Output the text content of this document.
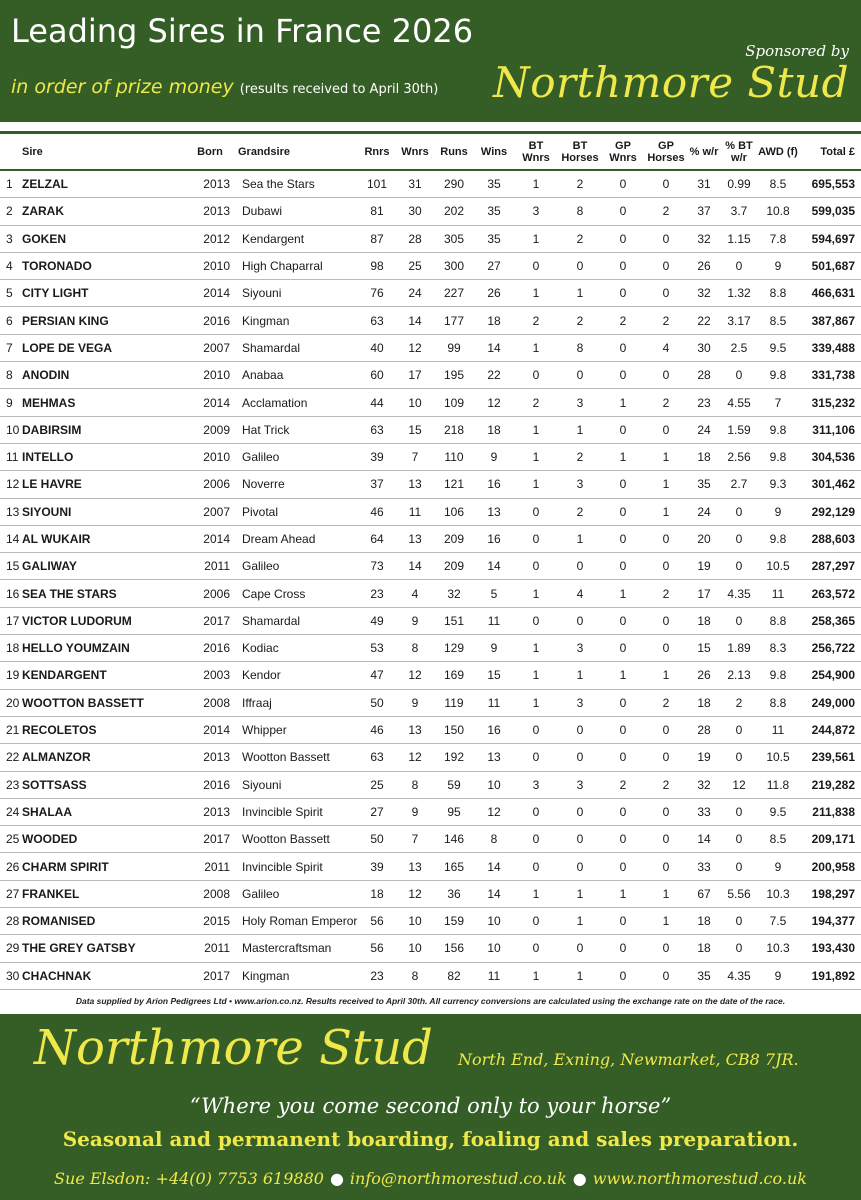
Leading Sires in France 2026
in order of prize money (results received to April 30th)
Sponsored by
Northmore Stud
	Sire	Born	Grandsire	Rnrs	Wnrs	Runs	Wins	BT Wnrs	BT Horses	GP Wnrs	GP Horses	% w/r	% BT w/r	AWD (f)	Total £
1	ZELZAL	2013	Sea the Stars	101	31	290	35	1	2	0	0	31	0.99	8.5	695,553
2	ZARAK	2013	Dubawi	81	30	202	35	3	8	0	2	37	3.7	10.8	599,035
3	GOKEN	2012	Kendargent	87	28	305	35	1	2	0	0	32	1.15	7.8	594,697
4	TORONADO	2010	High Chaparral	98	25	300	27	0	0	0	0	26	0	9	501,687
5	CITY LIGHT	2014	Siyouni	76	24	227	26	1	1	0	0	32	1.32	8.8	466,631
6	PERSIAN KING	2016	Kingman	63	14	177	18	2	2	2	2	22	3.17	8.5	387,867
7	LOPE DE VEGA	2007	Shamardal	40	12	99	14	1	8	0	4	30	2.5	9.5	339,488
8	ANODIN	2010	Anabaa	60	17	195	22	0	0	0	0	28	0	9.8	331,738
9	MEHMAS	2014	Acclamation	44	10	109	12	2	3	1	2	23	4.55	7	315,232
10	DABIRSIM	2009	Hat Trick	63	15	218	18	1	1	0	0	24	1.59	9.8	311,106
11	INTELLO	2010	Galileo	39	7	110	9	1	2	1	1	18	2.56	9.8	304,536
12	LE HAVRE	2006	Noverre	37	13	121	16	1	3	0	1	35	2.7	9.3	301,462
13	SIYOUNI	2007	Pivotal	46	11	106	13	0	2	0	1	24	0	9	292,129
14	AL WUKAIR	2014	Dream Ahead	64	13	209	16	0	1	0	0	20	0	9.8	288,603
15	GALIWAY	2011	Galileo	73	14	209	14	0	0	0	0	19	0	10.5	287,297
16	SEA THE STARS	2006	Cape Cross	23	4	32	5	1	4	1	2	17	4.35	11	263,572
17	VICTOR LUDORUM	2017	Shamardal	49	9	151	11	0	0	0	0	18	0	8.8	258,365
18	HELLO YOUMZAIN	2016	Kodiac	53	8	129	9	1	3	0	0	15	1.89	8.3	256,722
19	KENDARGENT	2003	Kendor	47	12	169	15	1	1	1	1	26	2.13	9.8	254,900
20	WOOTTON BASSETT	2008	Iffraaj	50	9	119	11	1	3	0	2	18	2	8.8	249,000
21	RECOLETOS	2014	Whipper	46	13	150	16	0	0	0	0	28	0	11	244,872
22	ALMANZOR	2013	Wootton Bassett	63	12	192	13	0	0	0	0	19	0	10.5	239,561
23	SOTTSASS	2016	Siyouni	25	8	59	10	3	3	2	2	32	12	11.8	219,282
24	SHALAA	2013	Invincible Spirit	27	9	95	12	0	0	0	0	33	0	9.5	211,838
25	WOODED	2017	Wootton Bassett	50	7	146	8	0	0	0	0	14	0	8.5	209,171
26	CHARM SPIRIT	2011	Invincible Spirit	39	13	165	14	0	0	0	0	33	0	9	200,958
27	FRANKEL	2008	Galileo	18	12	36	14	1	1	1	1	67	5.56	10.3	198,297
28	ROMANISED	2015	Holy Roman Emperor	56	10	159	10	0	1	0	1	18	0	7.5	194,377
29	THE GREY GATSBY	2011	Mastercraftsman	56	10	156	10	0	0	0	0	18	0	10.3	193,430
30	CHACHNAK	2017	Kingman	23	8	82	11	1	1	0	0	35	4.35	9	191,892
Data supplied by Arion Pedigrees Ltd • www.arion.co.nz. Results received to April 30th. All currency conversions are calculated using the exchange rate on the date of the race.
Northmore Stud North End, Exning, Newmarket, CB8 7JR.
“Where you come second only to your horse”
Seasonal and permanent boarding, foaling and sales preparation.
Sue Elsdon: +44(0) 7753 619880 ● info@northmorestud.co.uk ● www.northmorestud.co.uk
